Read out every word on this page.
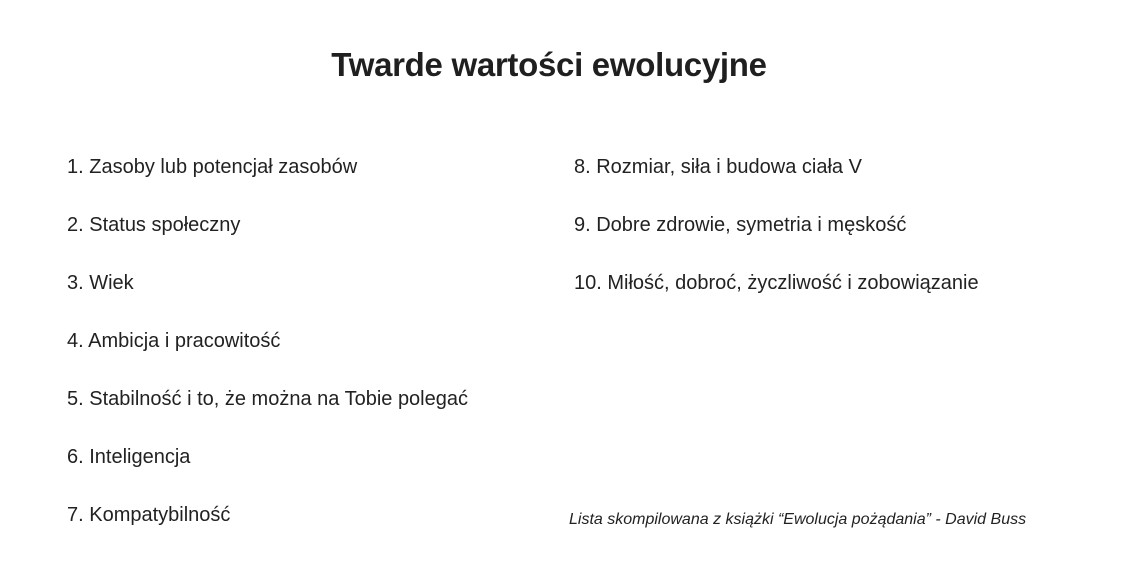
Twarde wartości ewolucyjne
1. Zasoby lub potencjał zasobów
2. Status społeczny
3. Wiek
4. Ambicja i pracowitość
5. Stabilność i to, że można na Tobie polegać
6. Inteligencja
7. Kompatybilność
8. Rozmiar, siła i budowa ciała V
9. Dobre zdrowie, symetria i męskość
10. Miłość, dobroć, życzliwość i zobowiązanie

Lista skompilowana z książki “Ewolucja pożądania” - David Buss
